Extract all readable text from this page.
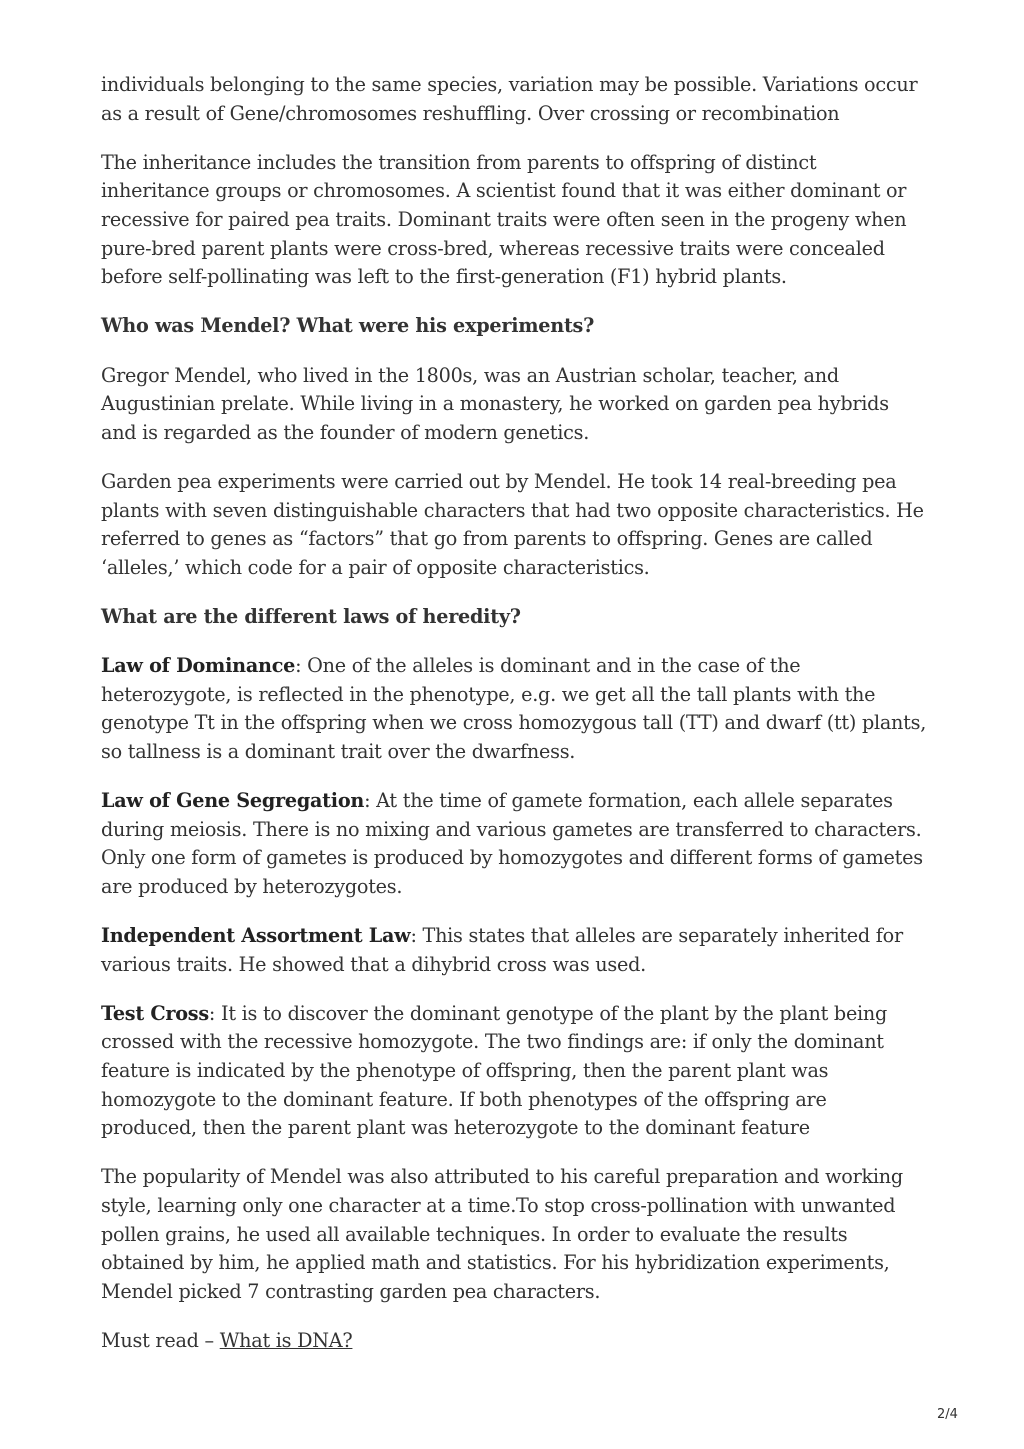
individuals belonging to the same species, variation may be possible. Variations occur as a result of Gene/chromosomes reshuffling. Over crossing or recombination

The inheritance includes the transition from parents to offspring of distinct inheritance groups or chromosomes. A scientist found that it was either dominant or recessive for paired pea traits. Dominant traits were often seen in the progeny when pure-bred parent plants were cross-bred, whereas recessive traits were concealed before self-pollinating was left to the first-generation (F1) hybrid plants.

Who was Mendel? What were his experiments?

Gregor Mendel, who lived in the 1800s, was an Austrian scholar, teacher, and Augustinian prelate. While living in a monastery, he worked on garden pea hybrids and is regarded as the founder of modern genetics.

Garden pea experiments were carried out by Mendel. He took 14 real-breeding pea plants with seven distinguishable characters that had two opposite characteristics. He referred to genes as “factors” that go from parents to offspring. Genes are called ‘alleles,’ which code for a pair of opposite characteristics.

What are the different laws of heredity?

Law of Dominance: One of the alleles is dominant and in the case of the heterozygote, is reflected in the phenotype, e.g. we get all the tall plants with the genotype Tt in the offspring when we cross homozygous tall (TT) and dwarf (tt) plants, so tallness is a dominant trait over the dwarfness.

Law of Gene Segregation: At the time of gamete formation, each allele separates during meiosis. There is no mixing and various gametes are transferred to characters. Only one form of gametes is produced by homozygotes and different forms of gametes are produced by heterozygotes.

Independent Assortment Law: This states that alleles are separately inherited for various traits. He showed that a dihybrid cross was used.

Test Cross: It is to discover the dominant genotype of the plant by the plant being crossed with the recessive homozygote. The two findings are: if only the dominant feature is indicated by the phenotype of offspring, then the parent plant was homozygote to the dominant feature. If both phenotypes of the offspring are produced, then the parent plant was heterozygote to the dominant feature

The popularity of Mendel was also attributed to his careful preparation and working style, learning only one character at a time.To stop cross-pollination with unwanted pollen grains, he used all available techniques. In order to evaluate the results obtained by him, he applied math and statistics. For his hybridization experiments, Mendel picked 7 contrasting garden pea characters.

Must read – What is DNA?

2/4
